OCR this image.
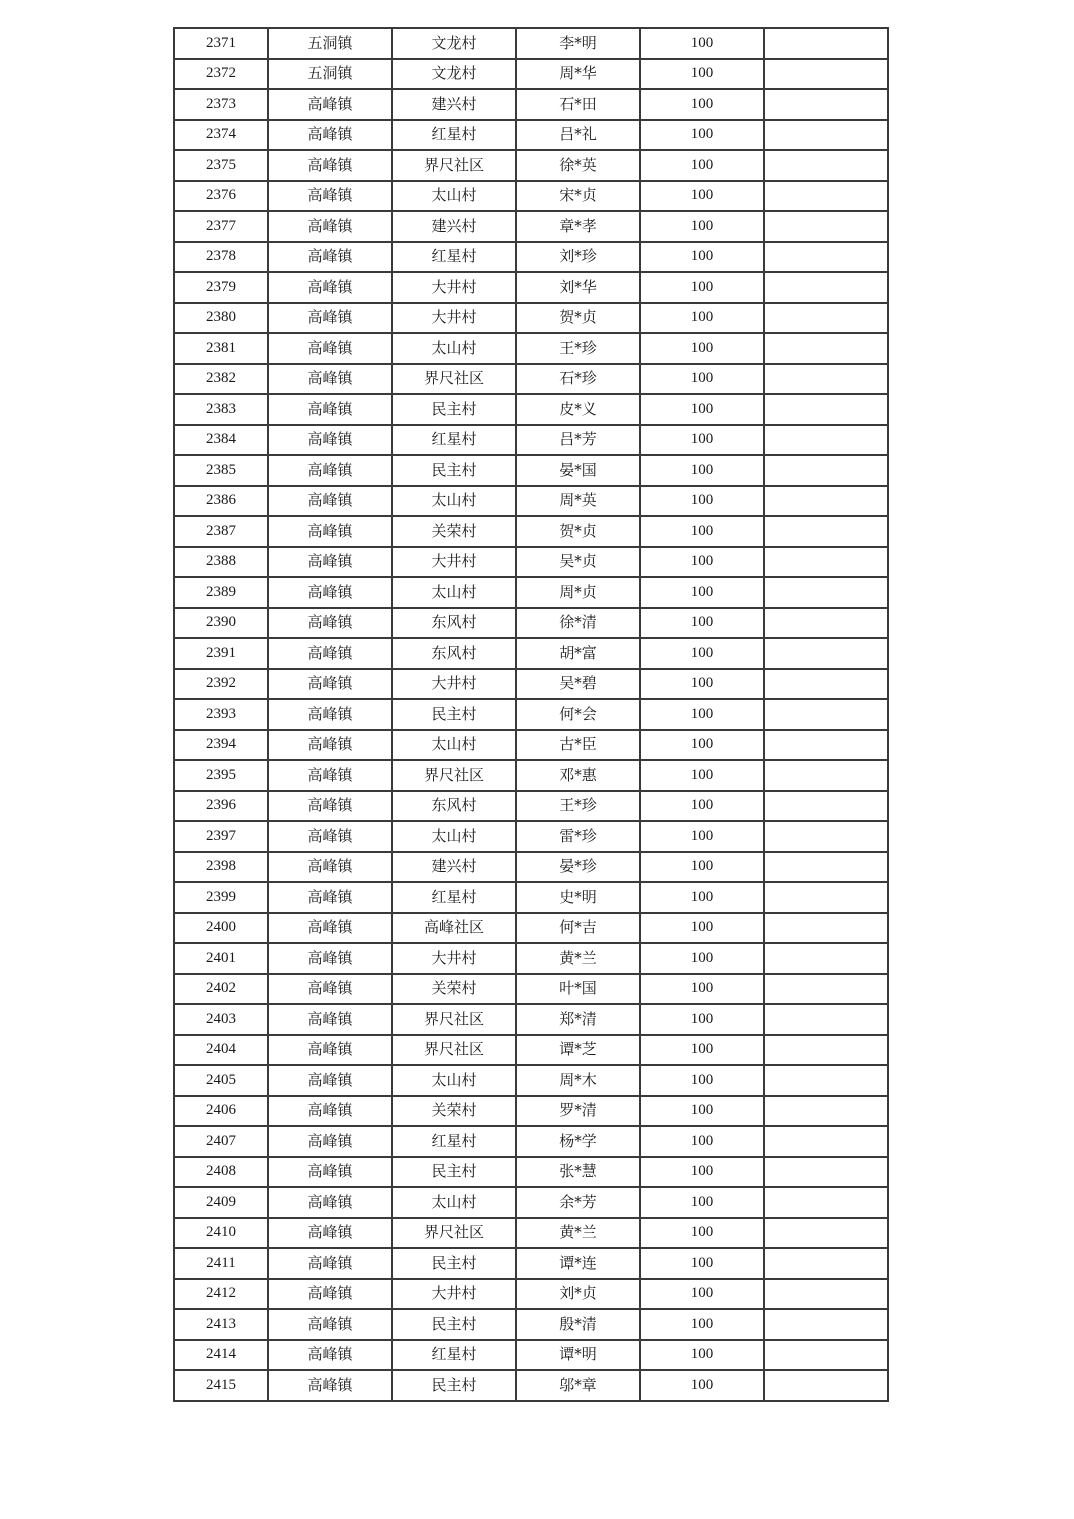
2371	五洞镇	文龙村	李*明	100	
2372	五洞镇	文龙村	周*华	100	
2373	高峰镇	建兴村	石*田	100	
2374	高峰镇	红星村	吕*礼	100	
2375	高峰镇	界尺社区	徐*英	100	
2376	高峰镇	太山村	宋*贞	100	
2377	高峰镇	建兴村	章*孝	100	
2378	高峰镇	红星村	刘*珍	100	
2379	高峰镇	大井村	刘*华	100	
2380	高峰镇	大井村	贺*贞	100	
2381	高峰镇	太山村	王*珍	100	
2382	高峰镇	界尺社区	石*珍	100	
2383	高峰镇	民主村	皮*义	100	
2384	高峰镇	红星村	吕*芳	100	
2385	高峰镇	民主村	晏*国	100	
2386	高峰镇	太山村	周*英	100	
2387	高峰镇	关荣村	贺*贞	100	
2388	高峰镇	大井村	吴*贞	100	
2389	高峰镇	太山村	周*贞	100	
2390	高峰镇	东风村	徐*清	100	
2391	高峰镇	东风村	胡*富	100	
2392	高峰镇	大井村	吴*碧	100	
2393	高峰镇	民主村	何*会	100	
2394	高峰镇	太山村	古*臣	100	
2395	高峰镇	界尺社区	邓*惠	100	
2396	高峰镇	东风村	王*珍	100	
2397	高峰镇	太山村	雷*珍	100	
2398	高峰镇	建兴村	晏*珍	100	
2399	高峰镇	红星村	史*明	100	
2400	高峰镇	高峰社区	何*吉	100	
2401	高峰镇	大井村	黄*兰	100	
2402	高峰镇	关荣村	叶*国	100	
2403	高峰镇	界尺社区	郑*清	100	
2404	高峰镇	界尺社区	谭*芝	100	
2405	高峰镇	太山村	周*木	100	
2406	高峰镇	关荣村	罗*清	100	
2407	高峰镇	红星村	杨*学	100	
2408	高峰镇	民主村	张*慧	100	
2409	高峰镇	太山村	余*芳	100	
2410	高峰镇	界尺社区	黄*兰	100	
2411	高峰镇	民主村	谭*连	100	
2412	高峰镇	大井村	刘*贞	100	
2413	高峰镇	民主村	殷*清	100	
2414	高峰镇	红星村	谭*明	100	
2415	高峰镇	民主村	邬*章	100	
